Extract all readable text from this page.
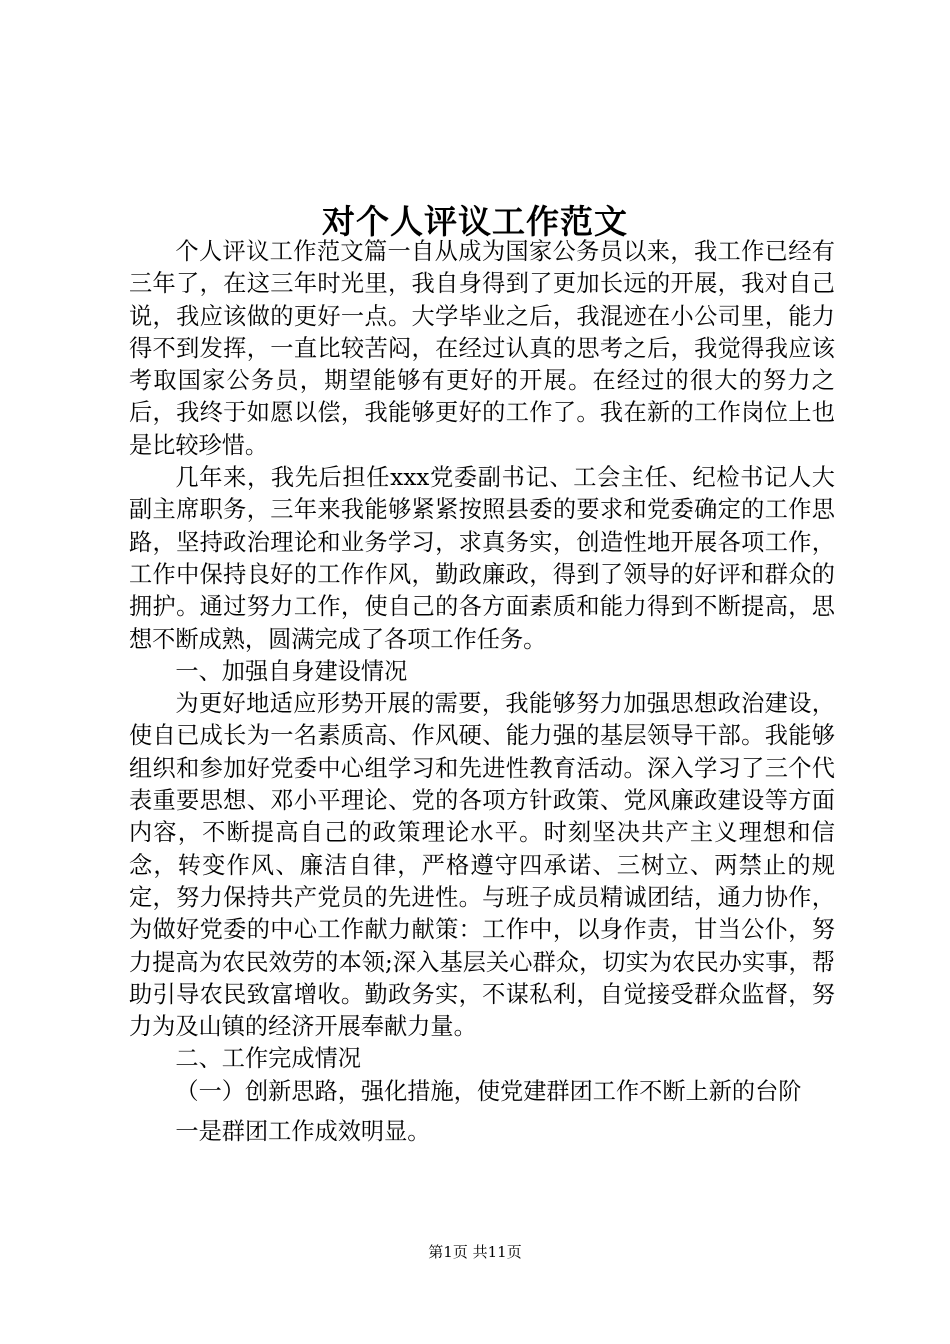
对个人评议工作范文

个人评议工作范文篇一自从成为国家公务员以来，我工作已经有三年了，在这三年时光里，我自身得到了更加长远的开展，我对自己说，我应该做的更好一点。大学毕业之后，我混迹在小公司里，能力得不到发挥，一直比较苦闷，在经过认真的思考之后，我觉得我应该考取国家公务员，期望能够有更好的开展。在经过的很大的努力之后，我终于如愿以偿，我能够更好的工作了。我在新的工作岗位上也是比较珍惜。

几年来，我先后担任xxx党委副书记、工会主任、纪检书记人大副主席职务，三年来我能够紧紧按照县委的要求和党委确定的工作思路，坚持政治理论和业务学习，求真务实，创造性地开展各项工作，工作中保持良好的工作作风，勤政廉政，得到了领导的好评和群众的拥护。通过努力工作，使自己的各方面素质和能力得到不断提高，思想不断成熟，圆满完成了各项工作任务。

一、加强自身建设情况

为更好地适应形势开展的需要，我能够努力加强思想政治建设，使自已成长为一名素质高、作风硬、能力强的基层领导干部。我能够组织和参加好党委中心组学习和先进性教育活动。深入学习了三个代表重要思想、邓小平理论、党的各项方针政策、党风廉政建设等方面内容，不断提高自己的政策理论水平。时刻坚决共产主义理想和信念，转变作风、廉洁自律，严格遵守四承诺、三树立、两禁止的规定，努力保持共产党员的先进性。与班子成员精诚团结，通力协作，为做好党委的中心工作献力献策：工作中，以身作责，甘当公仆，努力提高为农民效劳的本领;深入基层关心群众，切实为农民办实事，帮助引导农民致富增收。勤政务实，不谋私利，自觉接受群众监督，努力为及山镇的经济开展奉献力量。

二、工作完成情况

（一）创新思路，强化措施，使党建群团工作不断上新的台阶

一是群团工作成效明显。

第1页 共11页
